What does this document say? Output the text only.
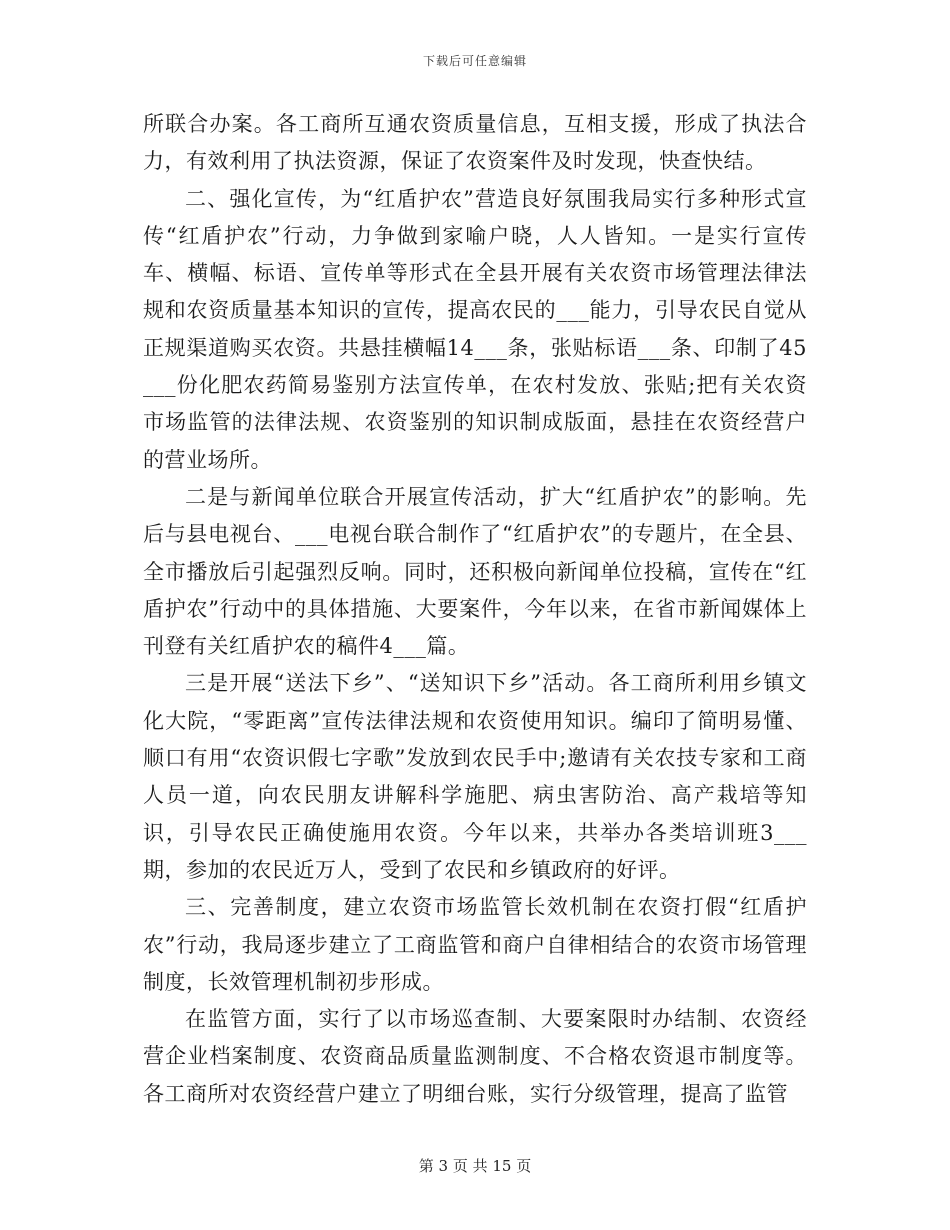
下载后可任意编辑

所联合办案。各工商所互通农资质量信息，互相支援，形成了执法合力，有效利用了执法资源，保证了农资案件及时发现，快查快结。

二、强化宣传，为“红盾护农”营造良好氛围我局实行多种形式宣传“红盾护农”行动，力争做到家喻户晓，人人皆知。一是实行宣传车、横幅、标语、宣传单等形式在全县开展有关农资市场管理法律法规和农资质量基本知识的宣传，提高农民的___能力，引导农民自觉从正规渠道购买农资。共悬挂横幅14___条，张贴标语___条、印制了45___份化肥农药简易鉴别方法宣传单，在农村发放、张贴;把有关农资市场监管的法律法规、农资鉴别的知识制成版面，悬挂在农资经营户的营业场所。

二是与新闻单位联合开展宣传活动，扩大“红盾护农”的影响。先后与县电视台、___电视台联合制作了“红盾护农”的专题片，在全县、全市播放后引起强烈反响。同时，还积极向新闻单位投稿，宣传在“红盾护农”行动中的具体措施、大要案件，今年以来，在省市新闻媒体上刊登有关红盾护农的稿件4___篇。

三是开展“送法下乡”、“送知识下乡”活动。各工商所利用乡镇文化大院，“零距离”宣传法律法规和农资使用知识。编印了简明易懂、顺口有用“农资识假七字歌”发放到农民手中;邀请有关农技专家和工商人员一道，向农民朋友讲解科学施肥、病虫害防治、高产栽培等知识，引导农民正确使施用农资。今年以来，共举办各类培训班3___期，参加的农民近万人，受到了农民和乡镇政府的好评。

三、完善制度，建立农资市场监管长效机制在农资打假“红盾护农”行动，我局逐步建立了工商监管和商户自律相结合的农资市场管理制度，长效管理机制初步形成。

在监管方面，实行了以市场巡查制、大要案限时办结制、农资经营企业档案制度、农资商品质量监测制度、不合格农资退市制度等。各工商所对农资经营户建立了明细台账，实行分级管理，提高了监管

第 3 页 共 15 页
